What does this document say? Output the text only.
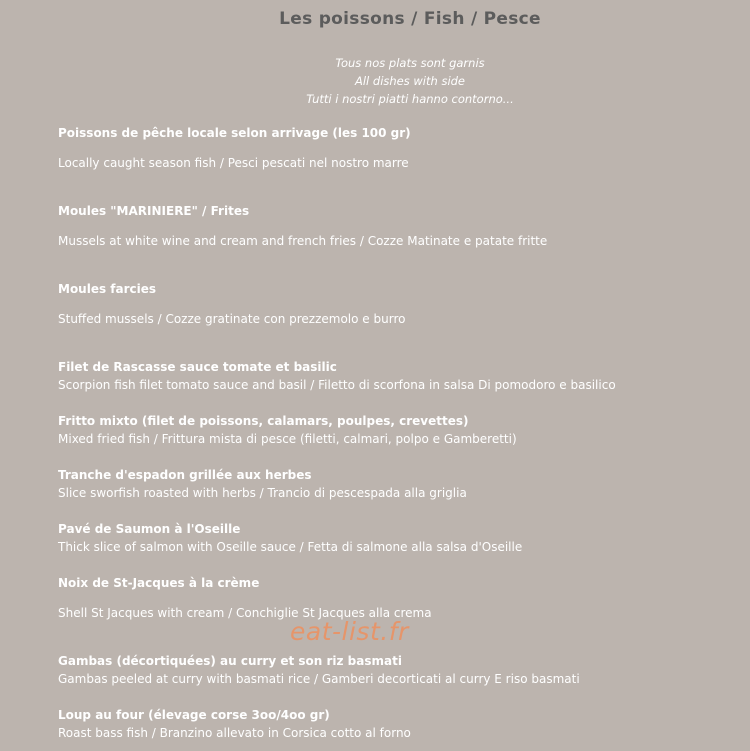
Les poissons / Fish / Pesce
Tous nos plats sont garnis
All dishes with side
Tutti i nostri piatti hanno contorno...
Poissons de pêche locale selon arrivage (les 100 gr)
Locally caught season fish / Pesci pescati nel nostro marre
Moules "MARINIERE" / Frites
Mussels at white wine and cream and french fries / Cozze Matinate e patate fritte
Moules farcies
Stuffed mussels / Cozze gratinate con prezzemolo e burro
Filet de Rascasse sauce tomate et basilic
Scorpion fish filet tomato sauce and basil / Filetto di scorfona in salsa Di pomodoro e basilico
Fritto mixto (filet de poissons, calamars, poulpes, crevettes)
Mixed fried fish / Frittura mista di pesce (filetti, calmari, polpo e Gamberetti)
Tranche d'espadon grillée aux herbes
Slice sworfish roasted with herbs / Trancio di pescespada alla griglia
Pavé de Saumon à l'Oseille
Thick slice of salmon with Oseille sauce / Fetta di salmone alla salsa d'Oseille
Noix de St-Jacques à la crème
Shell St Jacques with cream / Conchiglie St Jacques alla crema
Gambas (décortiquées) au curry et son riz basmati
Gambas peeled at curry with basmati rice / Gamberi decorticati al curry E riso basmati
Loup au four (élevage corse 3oo/4oo gr)
Roast bass fish / Branzino allevato in Corsica cotto al forno
eat-list.fr
